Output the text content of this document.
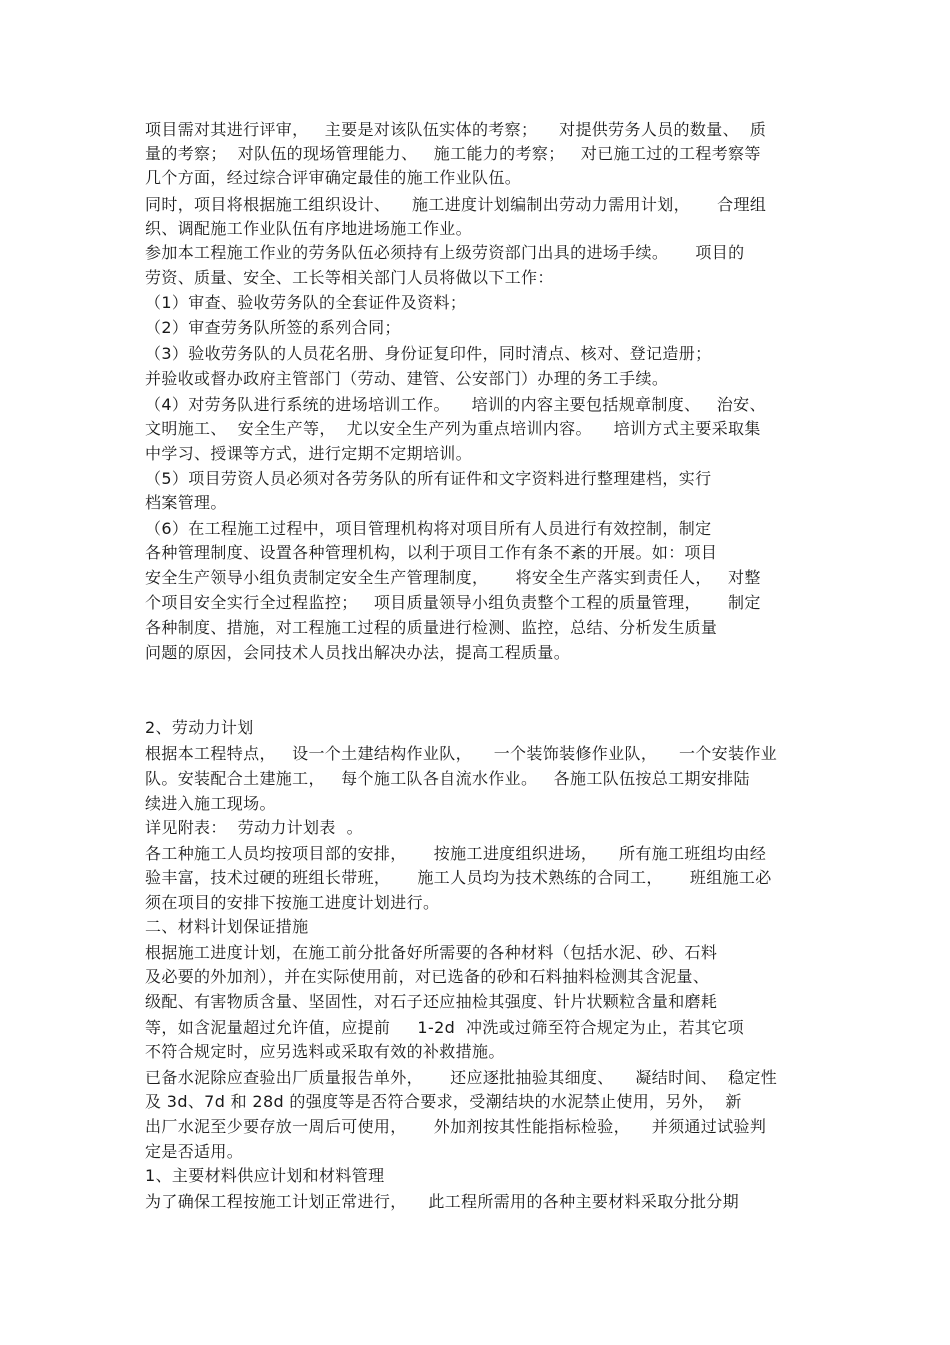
项目需对其进行评审，   主要是对该队伍实体的考察；    对提供劳务人员的数量、  质
量的考察；  对队伍的现场管理能力、   施工能力的考察；   对已施工过的工程考察等
几个方面，经过综合评审确定最佳的施工作业队伍。
同时，项目将根据施工组织设计、    施工进度计划编制出劳动力需用计划，     合理组
织、调配施工作业队伍有序地进场施工作业。
参加本工程施工作业的劳务队伍必须持有上级劳资部门出具的进场手续。     项目的
劳资、质量、安全、工长等相关部门人员将做以下工作：
（1）审查、验收劳务队的全套证件及资料；
（2）审查劳务队所签的系列合同；
（3）验收劳务队的人员花名册、身份证复印件，同时清点、核对、登记造册；
并验收或督办政府主管部门（劳动、建管、公安部门）办理的务工手续。
（4）对劳务队进行系统的进场培训工作。    培训的内容主要包括规章制度、   治安、
文明施工、  安全生产等，  尤以安全生产列为重点培训内容。    培训方式主要采取集
中学习、授课等方式，进行定期不定期培训。
（5）项目劳资人员必须对各劳务队的所有证件和文字资料进行整理建档，实行
档案管理。
（6）在工程施工过程中，项目管理机构将对项目所有人员进行有效控制，制定
各种管理制度、设置各种管理机构，以利于项目工作有条不紊的开展。如：项目
安全生产领导小组负责制定安全生产管理制度，     将安全生产落实到责任人，   对整
个项目安全实行全过程监控；   项目质量领导小组负责整个工程的质量管理，     制定
各种制度、措施，对工程施工过程的质量进行检测、监控，总结、分析发生质量
问题的原因，会同技术人员找出解决办法，提高工程质量。
2、劳动力计划
根据本工程特点，   设一个土建结构作业队，    一个装饰装修作业队，    一个安装作业
队。安装配合土建施工，   每个施工队各自流水作业。   各施工队伍按总工期安排陆
续进入施工现场。
详见附表：  劳动力计划表  。
各工种施工人员均按项目部的安排，     按施工进度组织进场，    所有施工班组均由经
验丰富，技术过硬的班组长带班，     施工人员均为技术熟练的合同工，     班组施工必
须在项目的安排下按施工进度计划进行。
二、材料计划保证措施
根据施工进度计划，在施工前分批备好所需要的各种材料（包括水泥、砂、石料
及必要的外加剂），并在实际使用前，对已选备的砂和石料抽料检测其含泥量、
级配、有害物质含量、坚固性，对石子还应抽检其强度、针片状颗粒含量和磨耗
等，如含泥量超过允许值，应提前     1-2d  冲洗或过筛至符合规定为止，若其它项
不符合规定时，应另选料或采取有效的补救措施。
已备水泥除应查验出厂质量报告单外，     还应逐批抽验其细度、    凝结时间、  稳定性
及 3d、7d 和 28d 的强度等是否符合要求，受潮结块的水泥禁止使用，另外，  新
出厂水泥至少要存放一周后可使用，     外加剂按其性能指标检验，    并须通过试验判
定是否适用。
1、主要材料供应计划和材料管理
为了确保工程按施工计划正常进行，    此工程所需用的各种主要材料采取分批分期
